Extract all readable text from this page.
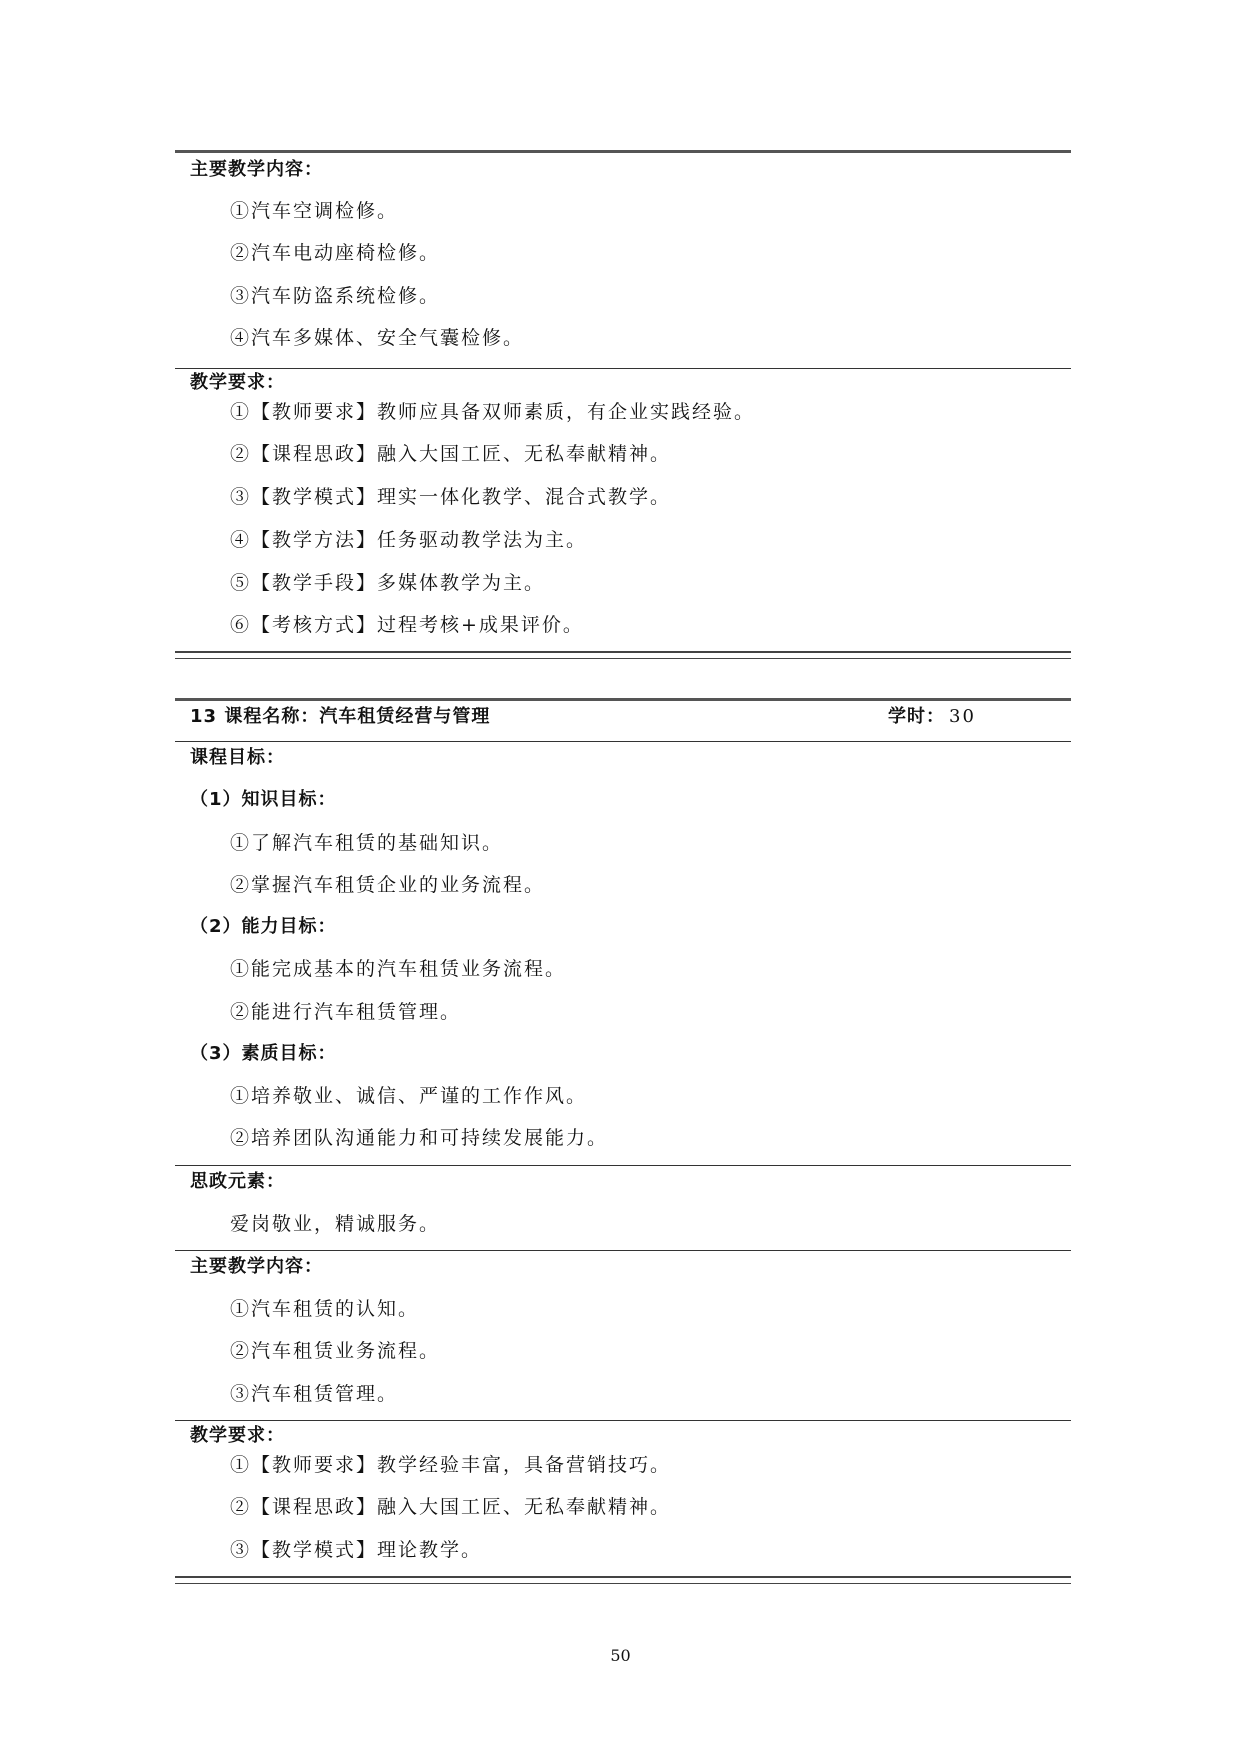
主要教学内容：
①汽车空调检修。
②汽车电动座椅检修。
③汽车防盗系统检修。
④汽车多媒体、安全气囊检修。
教学要求：
①【教师要求】教师应具备双师素质，有企业实践经验。
②【课程思政】融入大国工匠、无私奉献精神。
③【教学模式】理实一体化教学、混合式教学。
④【教学方法】任务驱动教学法为主。
⑤【教学手段】多媒体教学为主。
⑥【考核方式】过程考核+成果评价。
13 课程名称：汽车租赁经营与管理	学时： 30
课程目标：
（1）知识目标：
①了解汽车租赁的基础知识。
②掌握汽车租赁企业的业务流程。
（2）能力目标：
①能完成基本的汽车租赁业务流程。
②能进行汽车租赁管理。
（3）素质目标：
①培养敬业、诚信、严谨的工作作风。
②培养团队沟通能力和可持续发展能力。
思政元素：
爱岗敬业，精诚服务。
主要教学内容：
①汽车租赁的认知。
②汽车租赁业务流程。
③汽车租赁管理。
教学要求：
①【教师要求】教学经验丰富，具备营销技巧。
②【课程思政】融入大国工匠、无私奉献精神。
③【教学模式】理论教学。
50
